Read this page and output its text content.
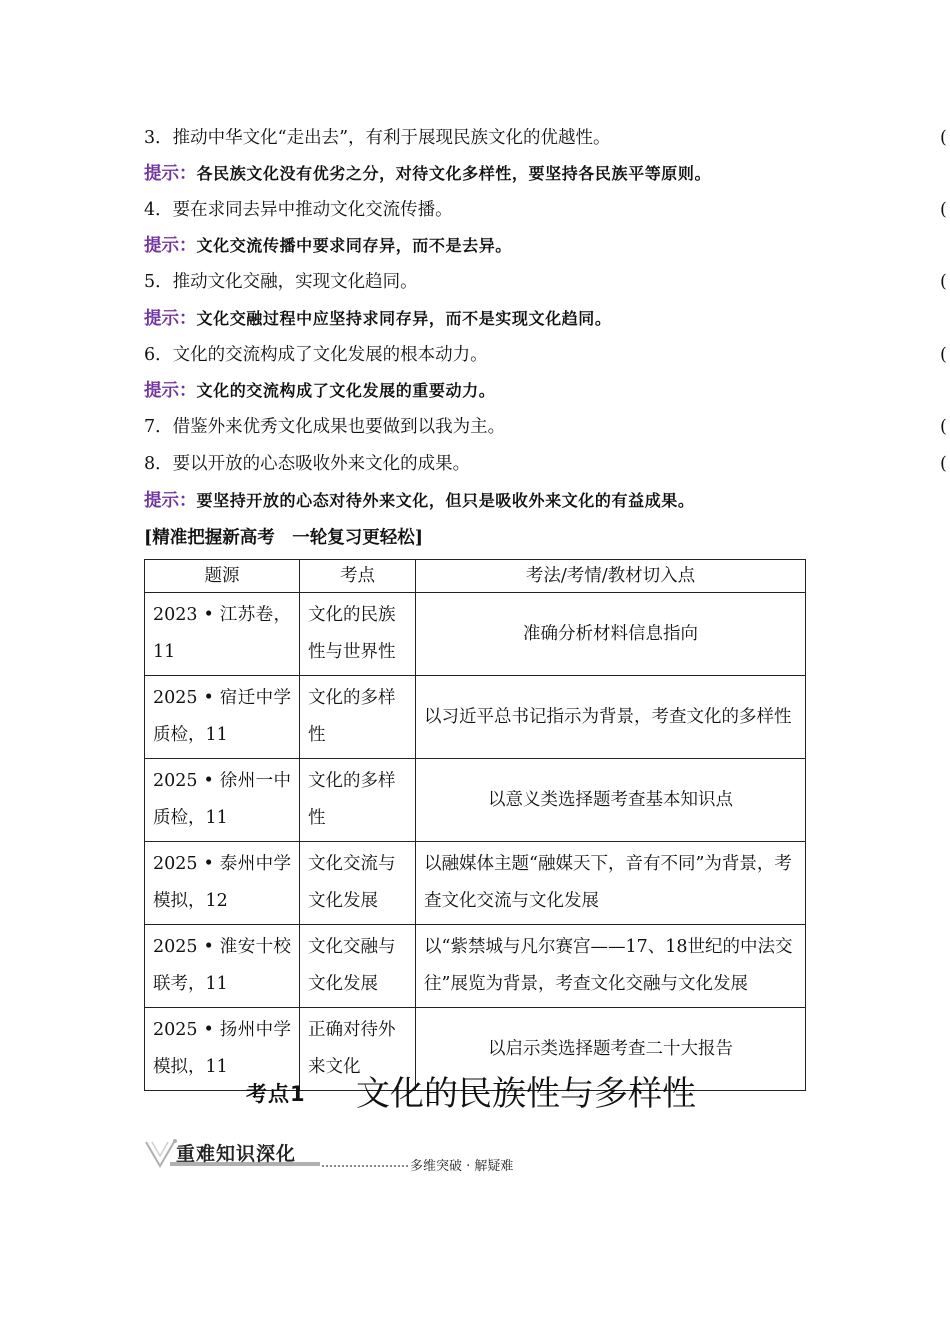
3．推动中华文化“走出去”，有利于展现民族文化的优越性。	(
提示：各民族文化没有优劣之分，对待文化多样性，要坚持各民族平等原则。
4．要在求同去异中推动文化交流传播。	(
提示：文化交流传播中要求同存异，而不是去异。
5．推动文化交融，实现文化趋同。	(
提示：文化交融过程中应坚持求同存异，而不是实现文化趋同。
6．文化的交流构成了文化发展的根本动力。	(
提示：文化的交流构成了文化发展的重要动力。
7．借鉴外来优秀文化成果也要做到以我为主。	(
8．要以开放的心态吸收外来文化的成果。	(
提示：要坚持开放的心态对待外来文化，但只是吸收外来文化的有益成果。
[精准把握新高考　一轮复习更轻松]
题源	考点	考法/考情/教材切入点
2023 • 江苏卷，11	文化的民族性与世界性	准确分析材料信息指向
2025 • 宿迁中学质检，11	文化的多样性	以习近平总书记指示为背景，考查文化的多样性
2025 • 徐州一中质检，11	文化的多样性	以意义类选择题考查基本知识点
2025 • 泰州中学模拟，12	文化交流与文化发展	以融媒体主题“融媒天下，音有不同”为背景，考查文化交流与文化发展
2025 • 淮安十校联考，11	文化交融与文化发展	以“紫禁城与凡尔赛宫——17、18世纪的中法交往”展览为背景，考查文化交融与文化发展
2025 • 扬州中学模拟，11	正确对待外来文化	以启示类选择题考查二十大报告
考点1 文化的民族性与多样性
重难知识深化
多维突破 · 解疑难
